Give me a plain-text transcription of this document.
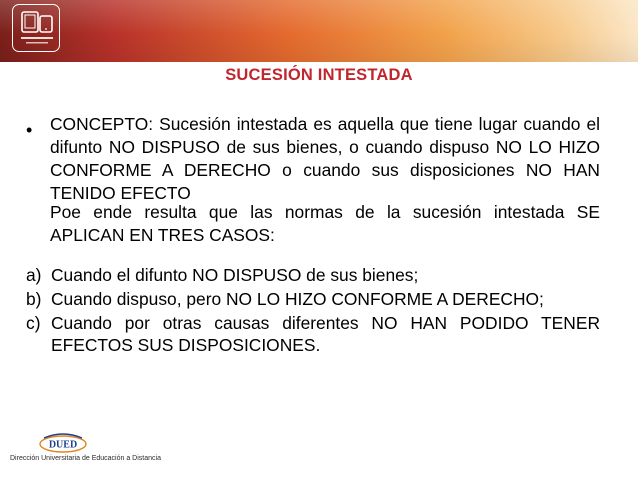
SUCESIÓN INTESTADA
• CONCEPTO: Sucesión intestada es aquella que tiene lugar cuando el difunto NO DISPUSO de sus bienes, o cuando dispuso NO LO HIZO CONFORME A DERECHO o cuando sus disposiciones NO HAN TENIDO EFECTO
Poe ende resulta que las normas de la sucesión intestada SE APLICAN EN TRES CASOS:
a) Cuando el difunto NO DISPUSO de sus bienes;
b) Cuando dispuso, pero NO LO HIZO CONFORME A DERECHO;
c) Cuando por otras causas diferentes NO HAN PODIDO TENER EFECTOS SUS DISPOSICIONES.
DUED
Dirección Universitaria de Educación a Distancia
